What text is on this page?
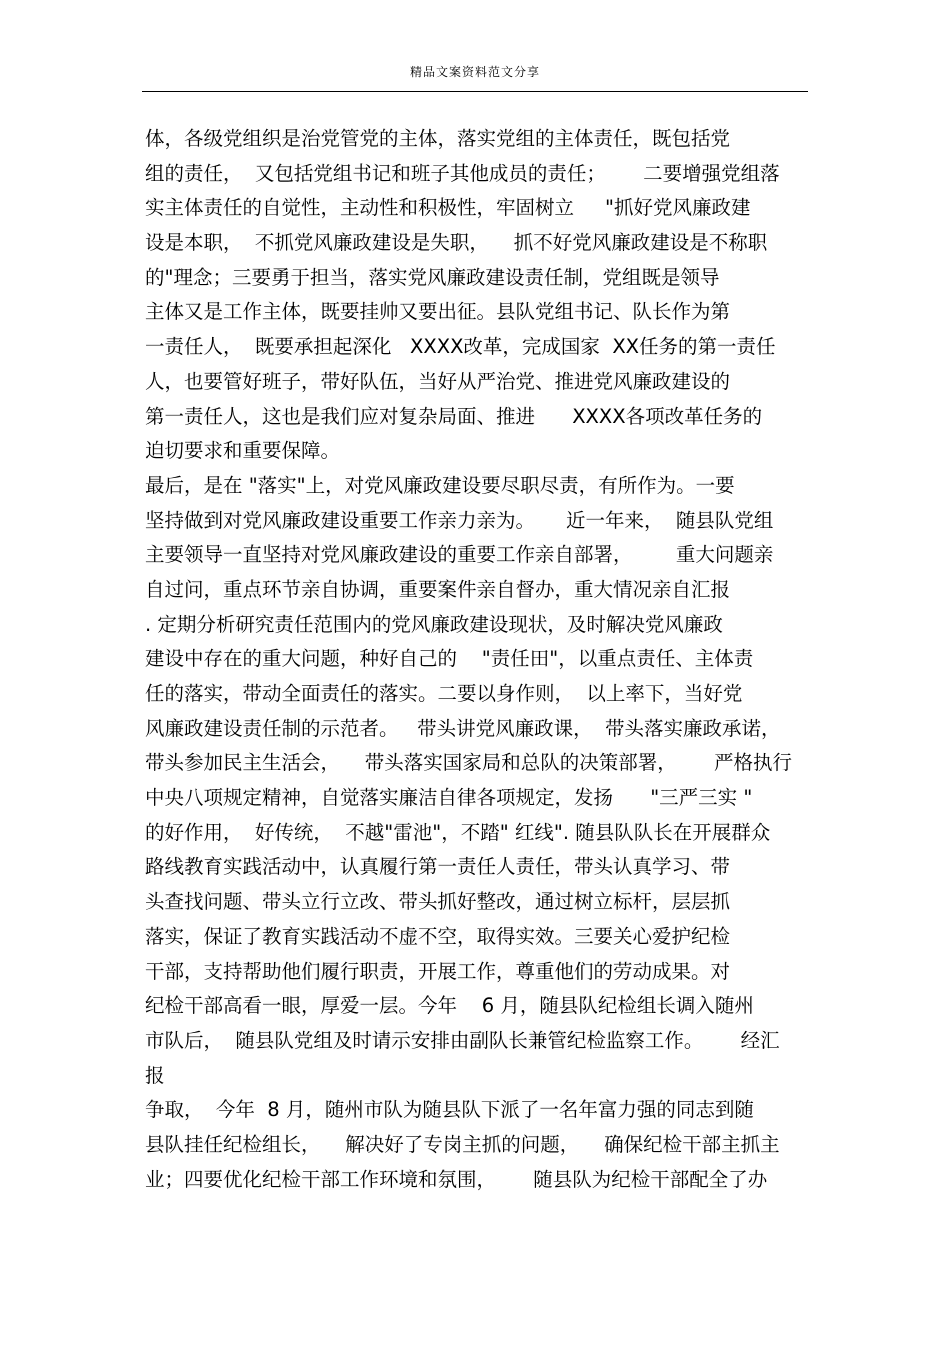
精品文案资料范文分享
体，各级党组织是治党管党的主体，落实党组的主体责任，既包括党
组的责任，  又包括党组书记和班子其他成员的责任；      二要增强党组落
实主体责任的自觉性，主动性和积极性，牢固树立     "抓好党风廉政建
设是本职，  不抓党风廉政建设是失职，    抓不好党风廉政建设是不称职
的"理念；三要勇于担当，落实党风廉政建设责任制，党组既是领导
主体又是工作主体，既要挂帅又要出征。县队党组书记、队长作为第
一责任人，  既要承担起深化   XXXX改革，完成国家  XX任务的第一责任
人，也要管好班子，带好队伍，当好从严治党、推进党风廉政建设的
第一责任人，这也是我们应对复杂局面、推进      XXXX各项改革任务的
迫切要求和重要保障。
最后，是在 "落实"上，对党风廉政建设要尽职尽责，有所作为。一要
坚持做到对党风廉政建设重要工作亲力亲为。     近一年来，  随县队党组
主要领导一直坚持对党风廉政建设的重要工作亲自部署，       重大问题亲
自过问，重点环节亲自协调，重要案件亲自督办，重大情况亲自汇报
. 定期分析研究责任范围内的党风廉政建设现状，及时解决党风廉政
建设中存在的重大问题，种好自己的    "责任田"，以重点责任、主体责
任的落实，带动全面责任的落实。二要以身作则，  以上率下，当好党
风廉政建设责任制的示范者。   带头讲党风廉政课，  带头落实廉政承诺，
带头参加民主生活会，    带头落实国家局和总队的决策部署，      严格执行
中央八项规定精神，自觉落实廉洁自律各项规定，发扬      "三严三实 "
的好作用，  好传统，  不越"雷池"，不踏" 红线". 随县队队长在开展群众
路线教育实践活动中，认真履行第一责任人责任，带头认真学习、带
头查找问题、带头立行立改、带头抓好整改，通过树立标杆，层层抓
落实，保证了教育实践活动不虚不空，取得实效。三要关心爱护纪检
干部，支持帮助他们履行职责，开展工作，尊重他们的劳动成果。对
纪检干部高看一眼，厚爱一层。今年    6 月，随县队纪检组长调入随州
市队后，  随县队党组及时请示安排由副队长兼管纪检监察工作。      经汇
报
争取，  今年  8 月，随州市队为随县队下派了一名年富力强的同志到随
县队挂任纪检组长，    解决好了专岗主抓的问题，    确保纪检干部主抓主
业；四要优化纪检干部工作环境和氛围，      随县队为纪检干部配全了办
